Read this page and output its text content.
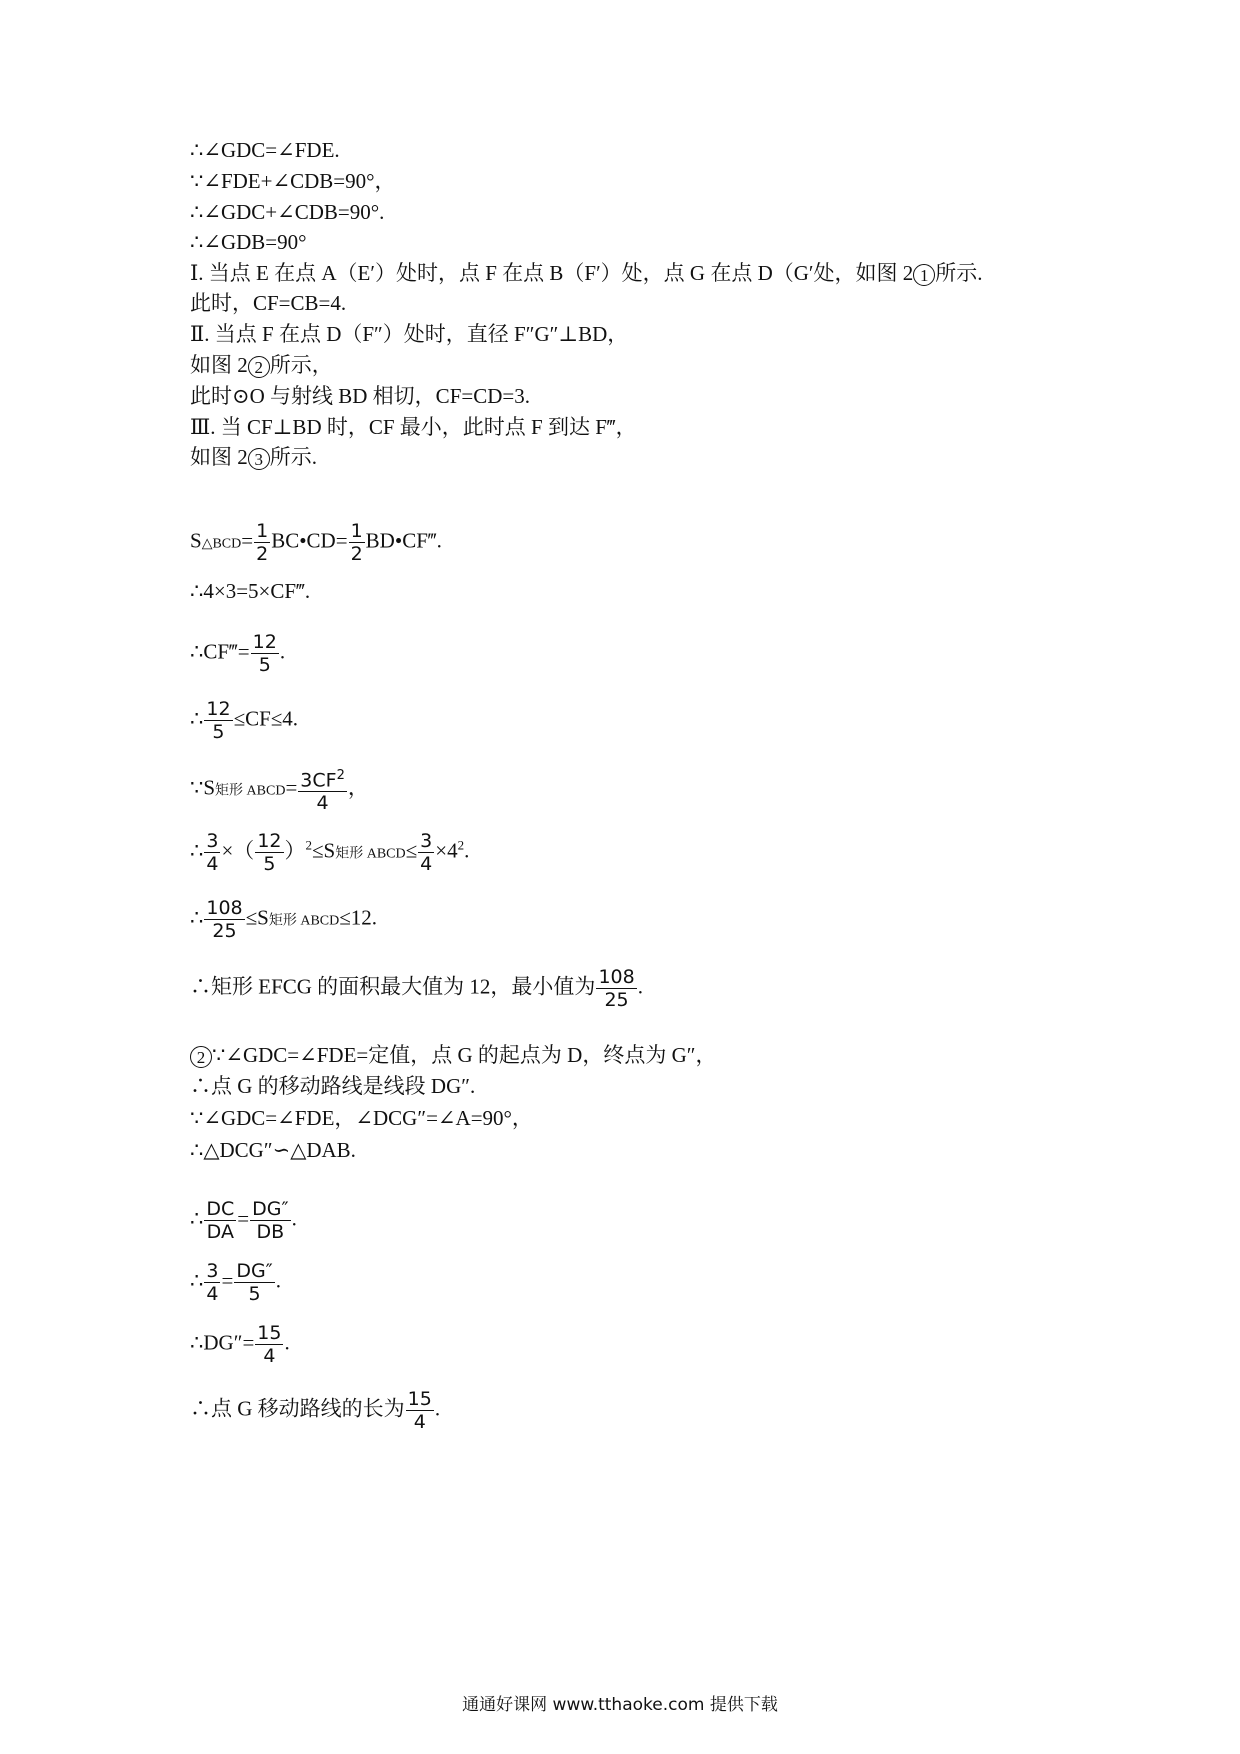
∴∠GDC=∠FDE.
∵∠FDE+∠CDB=90°，
∴∠GDC+∠CDB=90°.
∴∠GDB=90°
Ⅰ. 当点 E 在点 A（E′）处时，点 F 在点 B（F′）处，点 G 在点 D（G′处，如图 2 1 所示.
此时，CF=CB=4.
Ⅱ. 当点 F 在点 D（F″）处时，直径 F″G″⊥BD，
如图 2 2 所示，
此时⊙O 与射线 BD 相切，CF=CD=3.
Ⅲ. 当 CF⊥BD 时，CF 最小，此时点 F 到达 F‴，
如图 2 3 所示.
S△BCD= $\frac{1}{2}$ BC•CD= $\frac{1}{2}$ BD•CF‴.
∴4×3=5×CF‴.
∴CF‴= $\frac{12}{5}$ .
∴ $\frac{12}{5} \le CF\le 4$.
∵S矩形 ABCD= $\frac{3CF^2}{4}$ ，
∴ $\frac{3}{4}$ ×（ $\frac{12}{5} )^2\le S$矩形 ABCD≤ $\frac{3}{4} \times 4^2$.
∴ $\frac{108}{25} \le S$矩形 ABCD≤12.
∴矩形 EFCG 的面积最大值为 12，最小值为 $\frac{108}{25}$ .
2 ∵∠GDC=∠FDE=定值，点 G 的起点为 D，终点为 G″，
∴点 G 的移动路线是线段 DG″.
∵∠GDC=∠FDE，∠DCG″=∠A=90°，
∴△DCG″∽△DAB.
∴ $\frac{DC}{DA} = \frac{DG''}{DB}$ .
∴ $\frac{3}{4} = \frac{DG''}{5}$ .
∴DG″= $\frac{15}{4}$ .
∴点 G 移动路线的长为 $\frac{15}{4}$ .
通通好课网 www.tthaoke.com 提供下载
